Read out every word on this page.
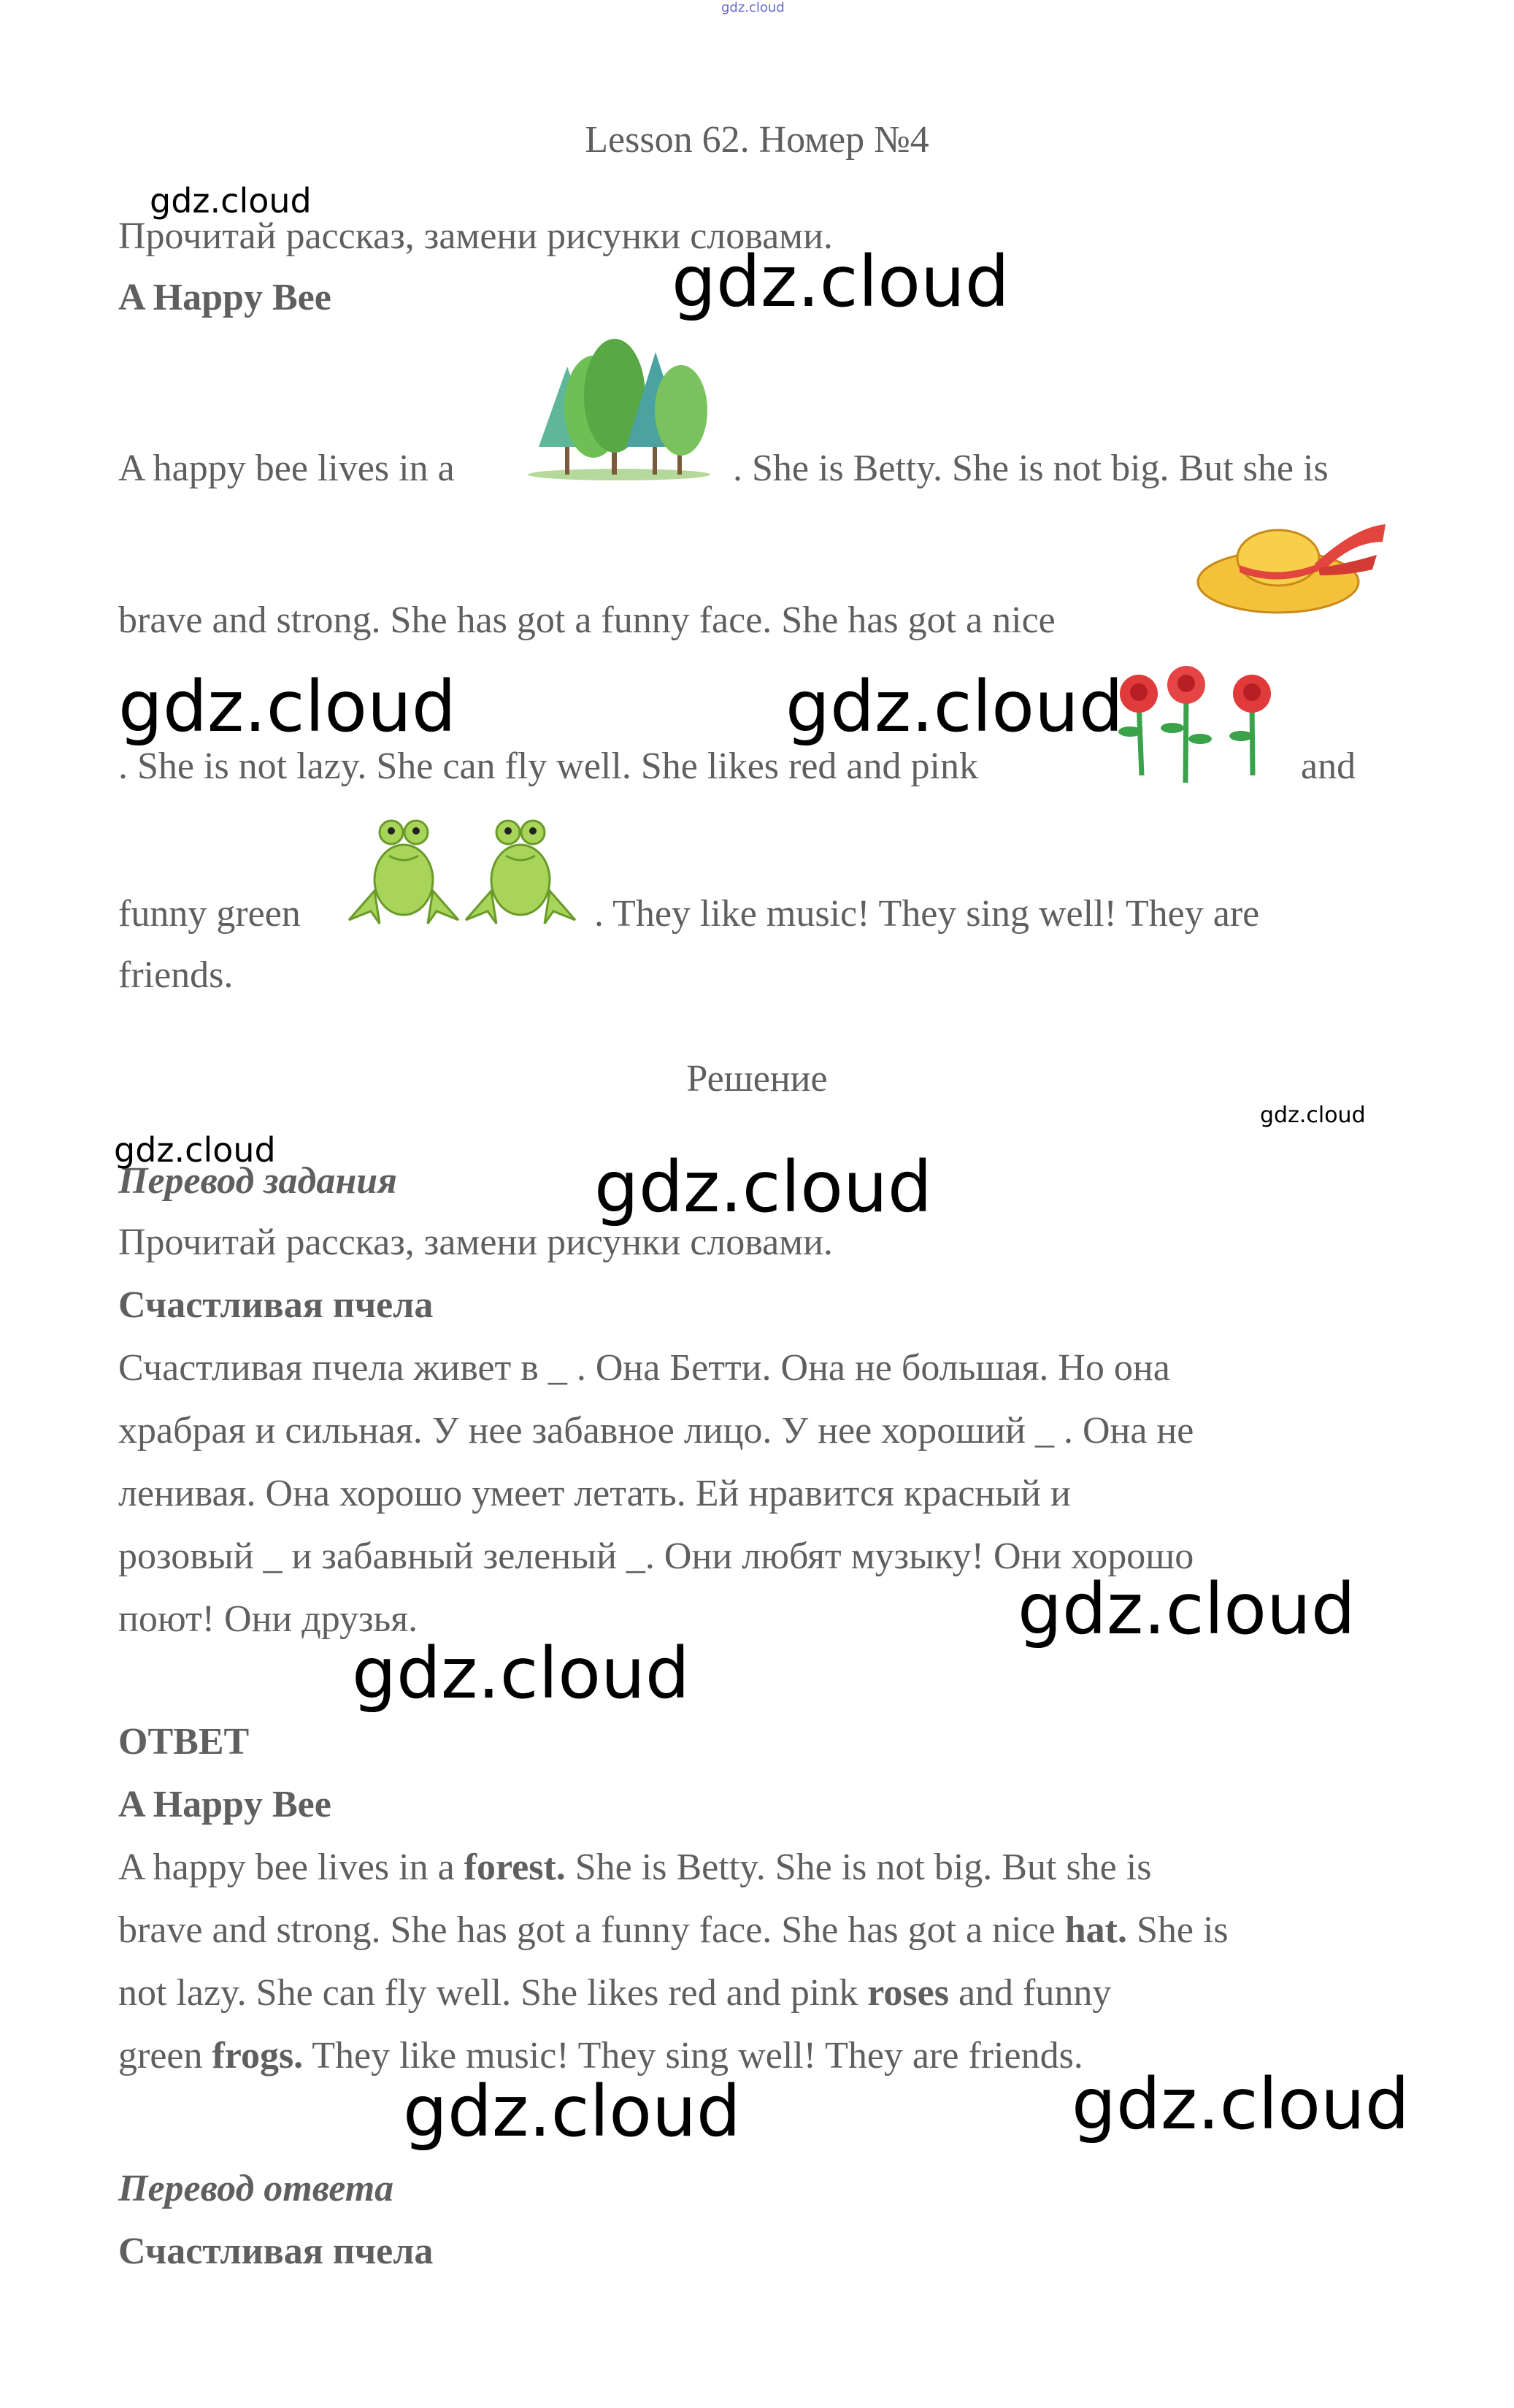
gdz.cloud
Lesson 62. Номер №4
gdz.cloud
gdz.cloud
gdz.cloud	gdz.cloud
gdz.cloud
gdz.cloud	gdz.cloud
gdz.cloud
gdz.cloud
gdz.cloud	gdz.cloud
Прочитай рассказ, замени рисунки словами.
A Happy Bee
A happy bee lives in a	. She is Betty. She is not big. But she is
brave and strong. She has got a funny face. She has got a nice
. She is not lazy. She can fly well. She likes red and pink	and
funny green	. They like music! They sing well! They are
friends.
Решение
Перевод задания
Прочитай рассказ, замени рисунки словами.
Счастливая пчела
Счастливая пчела живет в _ . Она Бетти. Она не большая. Но она
храбрая и сильная. У нее забавное лицо. У нее хороший _ . Она не
ленивая. Она хорошо умеет летать. Ей нравится красный и
розовый _ и забавный зеленый _. Они любят музыку! Они хорошо
поют! Они друзья.
ОТВЕТ
A Happy Bee
A happy bee lives in a forest. She is Betty. She is not big. But she is
brave and strong. She has got a funny face. She has got a nice hat. She is
not lazy. She can fly well. She likes red and pink roses and funny
green frogs. They like music! They sing well! They are friends.
Перевод ответа
Счастливая пчела
